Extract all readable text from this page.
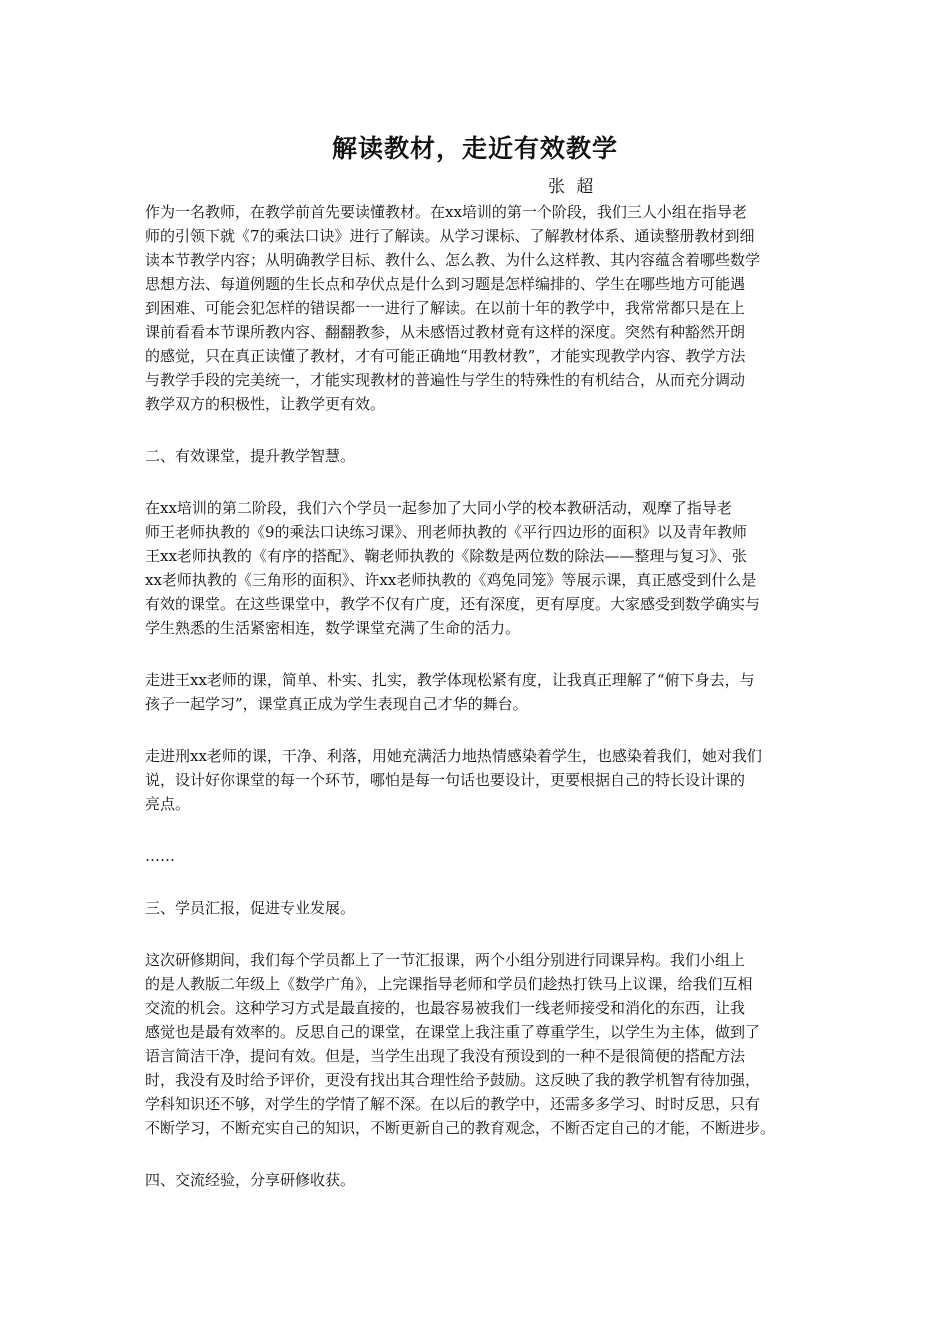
解读教材，走近有效教学
张 超
作为一名教师，在教学前首先要读懂教材。在xx培训的第一个阶段，我们三人小组在指导老
师的引领下就《7的乘法口诀》进行了解读。从学习课标、了解教材体系、通读整册教材到细
读本节教学内容；从明确教学目标、教什么、怎么教、为什么这样教、其内容蕴含着哪些数学
思想方法、每道例题的生长点和孕伏点是什么到习题是怎样编排的、学生在哪些地方可能遇
到困难、可能会犯怎样的错误都一一进行了解读。在以前十年的教学中，我常常都只是在上
课前看看本节课所教内容、翻翻教参，从未感悟过教材竟有这样的深度。突然有种豁然开朗
的感觉，只在真正读懂了教材，才有可能正确地“用教材教”，才能实现教学内容、教学方法
与教学手段的完美统一，才能实现教材的普遍性与学生的特殊性的有机结合，从而充分调动
教学双方的积极性，让教学更有效。
二、有效课堂，提升教学智慧。
在xx培训的第二阶段，我们六个学员一起参加了大同小学的校本教研活动，观摩了指导老
师王老师执教的《9的乘法口诀练习课》、刑老师执教的《平行四边形的面积》以及青年教师
王xx老师执教的《有序的搭配》、鞠老师执教的《除数是两位数的除法——整理与复习》、张
xx老师执教的《三角形的面积》、许xx老师执教的《鸡兔同笼》等展示课，真正感受到什么是
有效的课堂。在这些课堂中，教学不仅有广度，还有深度，更有厚度。大家感受到数学确实与
学生熟悉的生活紧密相连，数学课堂充满了生命的活力。
走进王xx老师的课，简单、朴实、扎实，教学体现松紧有度，让我真正理解了“俯下身去，与
孩子一起学习”，课堂真正成为学生表现自己才华的舞台。
走进刑xx老师的课，干净、利落，用她充满活力地热情感染着学生，也感染着我们，她对我们
说，设计好你课堂的每一个环节，哪怕是每一句话也要设计，更要根据自己的特长设计课的
亮点。
……
三、学员汇报，促进专业发展。
这次研修期间，我们每个学员都上了一节汇报课，两个小组分别进行同课异构。我们小组上
的是人教版二年级上《数学广角》，上完课指导老师和学员们趁热打铁马上议课，给我们互相
交流的机会。这种学习方式是最直接的，也最容易被我们一线老师接受和消化的东西，让我
感觉也是最有效率的。反思自己的课堂，在课堂上我注重了尊重学生，以学生为主体，做到了
语言简洁干净，提问有效。但是，当学生出现了我没有预设到的一种不是很简便的搭配方法
时，我没有及时给予评价，更没有找出其合理性给予鼓励。这反映了我的教学机智有待加强，
学科知识还不够，对学生的学情了解不深。在以后的教学中，还需多多学习、时时反思，只有
不断学习，不断充实自己的知识，不断更新自己的教育观念，不断否定自己的才能，不断进步。
四、交流经验，分享研修收获。
